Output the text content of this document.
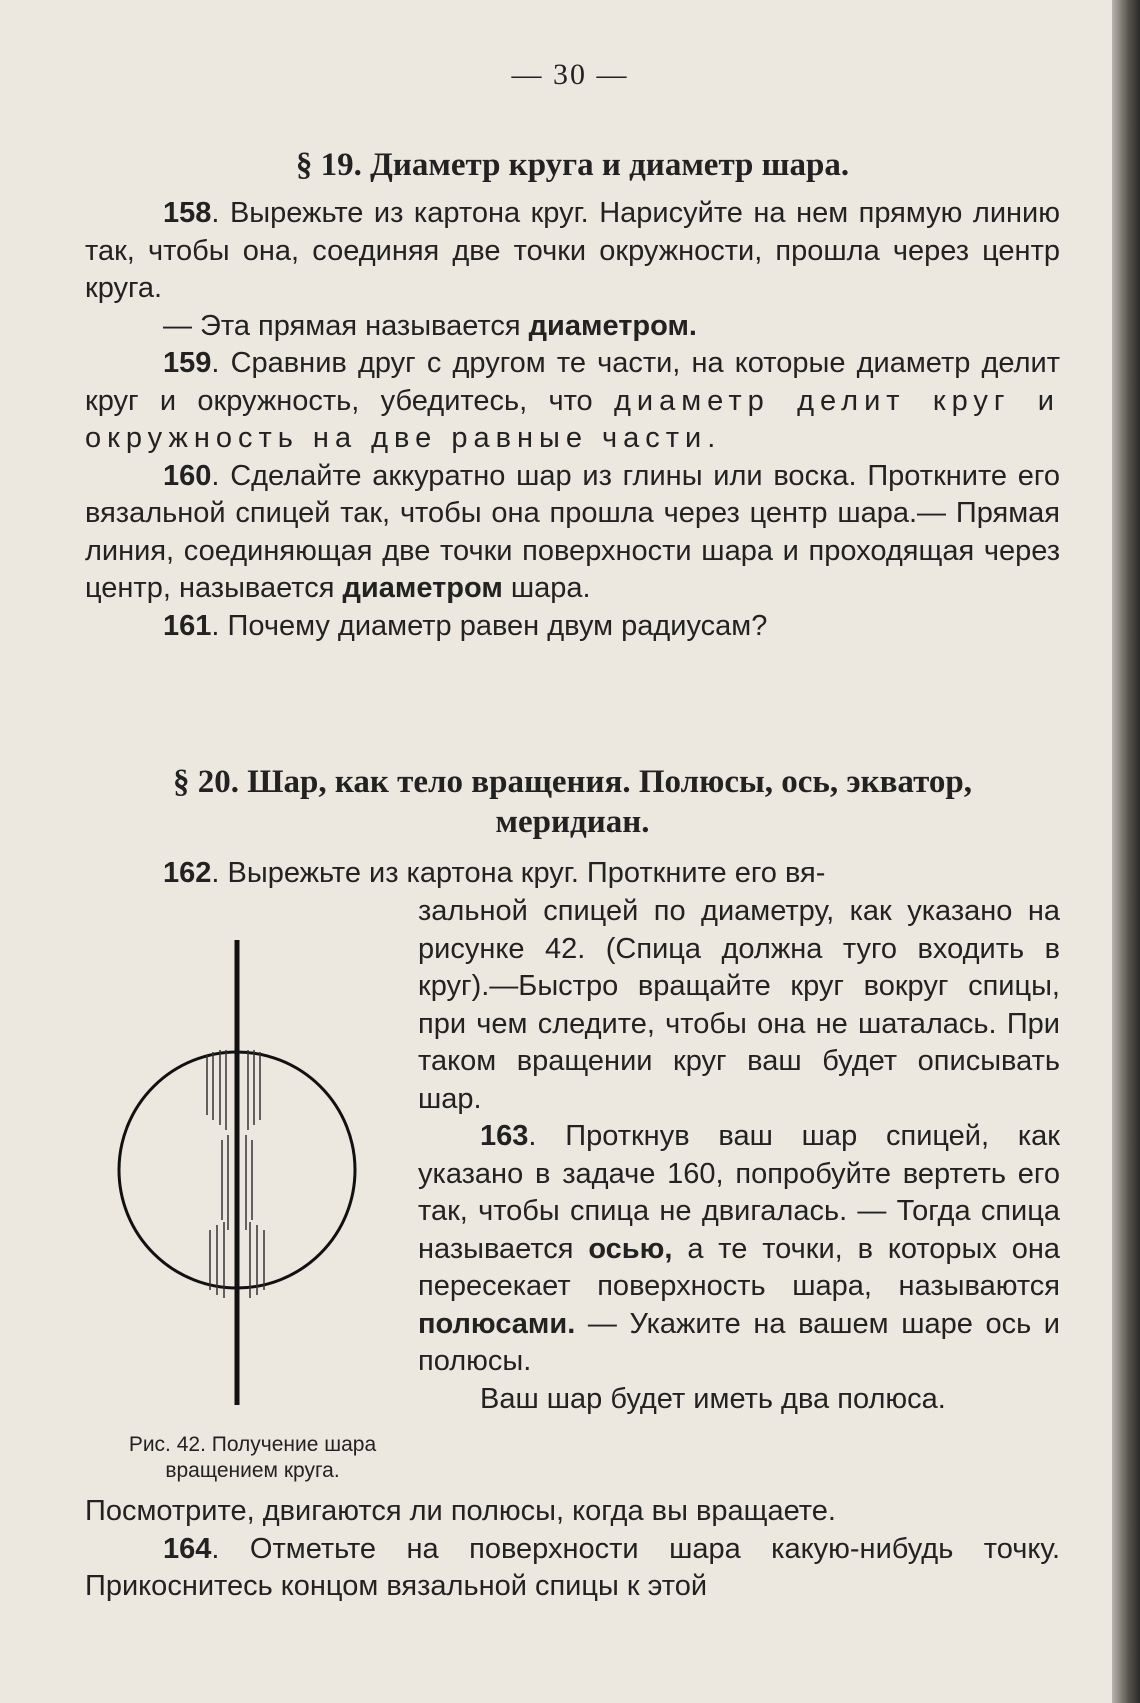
— 30 —
§ 19. Диаметр круга и диаметр шара.

158. Вырежьте из картона круг. Нарисуйте на нем прямую линию так, чтобы она, соединяя две точки окружности, прошла через центр круга.

— Эта прямая называется диаметром.

159. Сравнив друг с другом те части, на которые диаметр делит круг и окружность, убедитесь, что диаметр делит круг и окружность на две равные части.

160. Сделайте аккуратно шар из глины или воска. Проткните его вязальной спицей так, чтобы она прошла через центр шара.— Прямая линия, соединяющая две точки поверхности шара и проходящая через центр, называется диаметром шара.

161. Почему диаметр равен двум радиусам?

§ 20. Шар, как тело вращения. Полюсы, ось, экватор,
меридиан.
162. Вырежьте из картона круг. Проткните его вя-

Рис. 42. Получение шара вращением круга.

зальной спицей по диаметру, как указано на рисунке 42. (Спица должна туго входить в круг).—Быстро вращайте круг вокруг спицы, при чем следите, чтобы она не шаталась. При таком вращении круг ваш будет описывать шар.

163. Проткнув ваш шар спицей, как указано в задаче 160, попробуйте вертеть его так, чтобы спица не двигалась. — Тогда спица называется осью, а те точки, в которых она пересекает поверхность шара, называются полюсами. — Укажите на вашем шаре ось и полюсы.

Ваш шар будет иметь два полюса.

Посмотрите, двигаются ли полюсы, когда вы вращаете.

164. Отметьте на поверхности шара какую-нибудь точку. Прикоснитесь концом вязальной спицы к этой
